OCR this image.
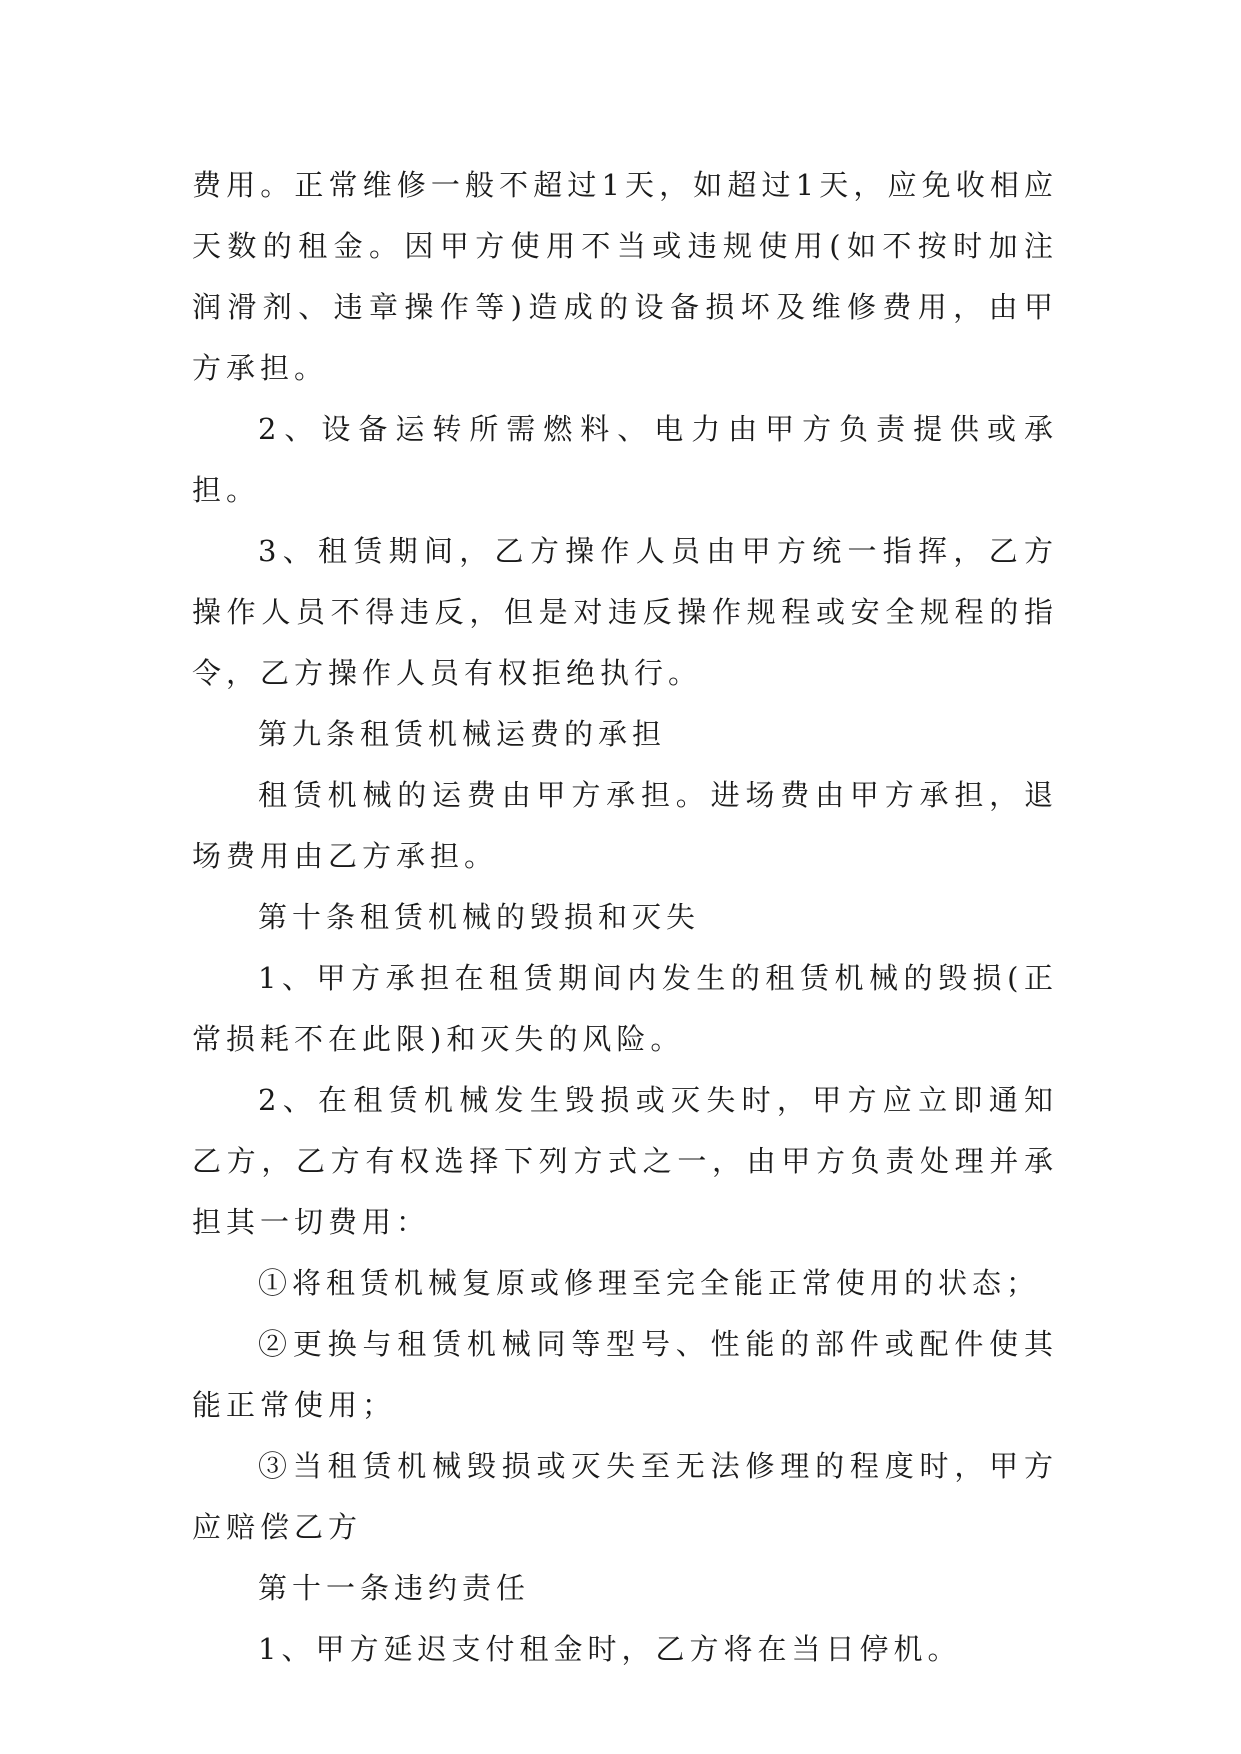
费用。正常维修一般不超过1天，如超过1天，应免收相应天数的租金。因甲方使用不当或违规使用(如不按时加注润滑剂、违章操作等)造成的设备损坏及维修费用，由甲方承担。

2、设备运转所需燃料、电力由甲方负责提供或承担。

3、租赁期间，乙方操作人员由甲方统一指挥，乙方操作人员不得违反，但是对违反操作规程或安全规程的指令，乙方操作人员有权拒绝执行。

第九条租赁机械运费的承担

租赁机械的运费由甲方承担。进场费由甲方承担，退场费用由乙方承担。

第十条租赁机械的毁损和灭失

1、甲方承担在租赁期间内发生的租赁机械的毁损(正常损耗不在此限)和灭失的风险。

2、在租赁机械发生毁损或灭失时，甲方应立即通知乙方，乙方有权选择下列方式之一，由甲方负责处理并承担其一切费用：

①将租赁机械复原或修理至完全能正常使用的状态；

②更换与租赁机械同等型号、性能的部件或配件使其能正常使用；

③当租赁机械毁损或灭失至无法修理的程度时，甲方应赔偿乙方

第十一条违约责任

1、甲方延迟支付租金时，乙方将在当日停机。
